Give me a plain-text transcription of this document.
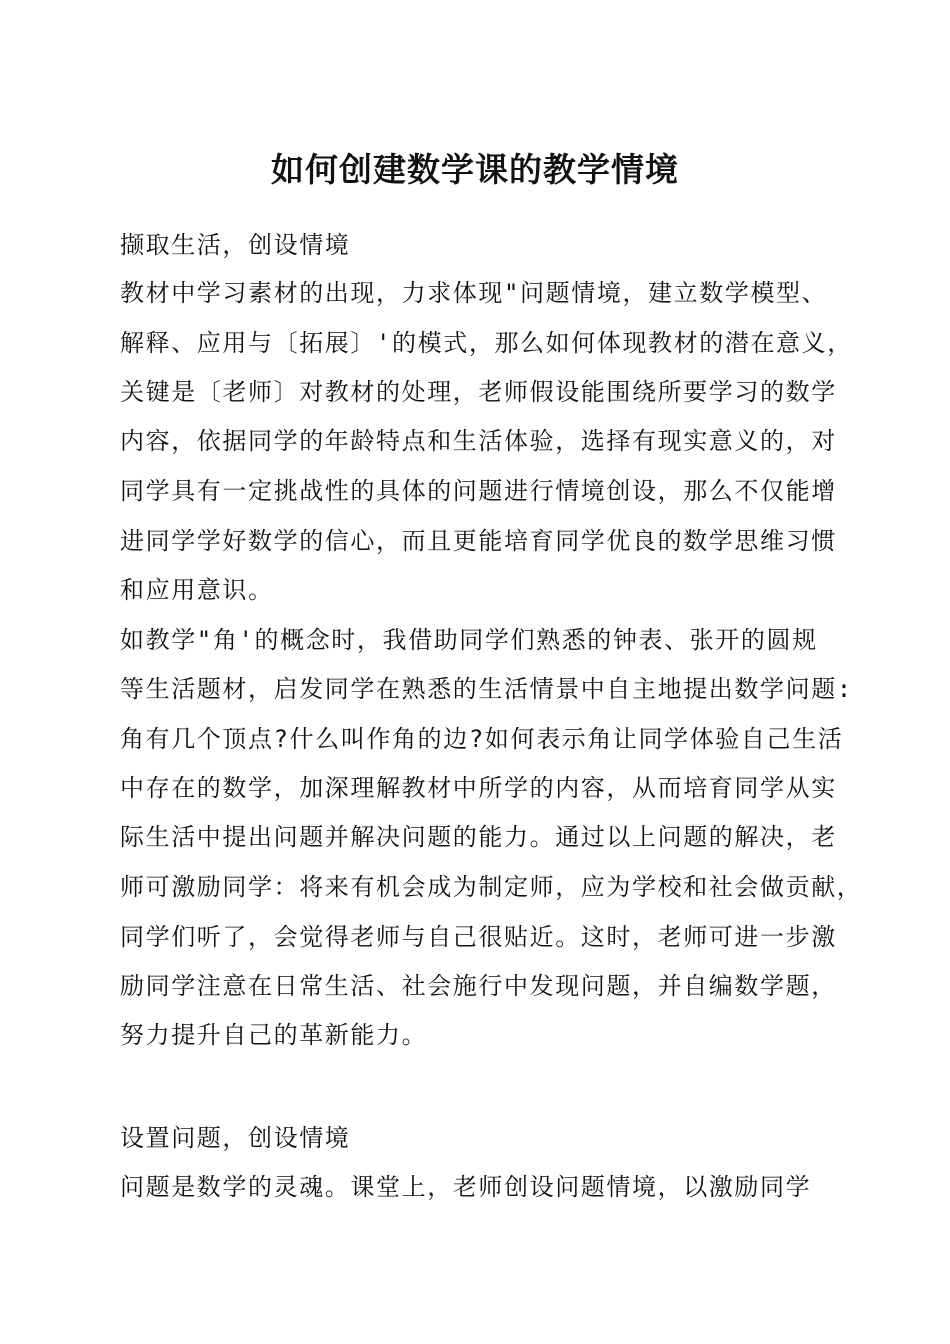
如何创建数学课的教学情境
撷取生活，创设情境
教材中学习素材的出现，力求体现"问题情境，建立数学模型、
解释、应用与〔拓展〕'的模式，那么如何体现教材的潜在意义，
关键是〔老师〕对教材的处理，老师假设能围绕所要学习的数学
内容，依据同学的年龄特点和生活体验，选择有现实意义的，对
同学具有一定挑战性的具体的问题进行情境创设，那么不仅能增
进同学学好数学的信心，而且更能培育同学优良的数学思维习惯
和应用意识。
如教学"角'的概念时，我借助同学们熟悉的钟表、张开的圆规
等生活题材，启发同学在熟悉的生活情景中自主地提出数学问题:
角有几个顶点?什么叫作角的边?如何表示角让同学体验自己生活
中存在的数学，加深理解教材中所学的内容，从而培育同学从实
际生活中提出问题并解决问题的能力。通过以上问题的解决，老
师可激励同学：将来有机会成为制定师，应为学校和社会做贡献，
同学们听了，会觉得老师与自己很贴近。这时，老师可进一步激
励同学注意在日常生活、社会施行中发现问题，并自编数学题，
努力提升自己的革新能力。
设置问题，创设情境
问题是数学的灵魂。课堂上，老师创设问题情境，以激励同学
